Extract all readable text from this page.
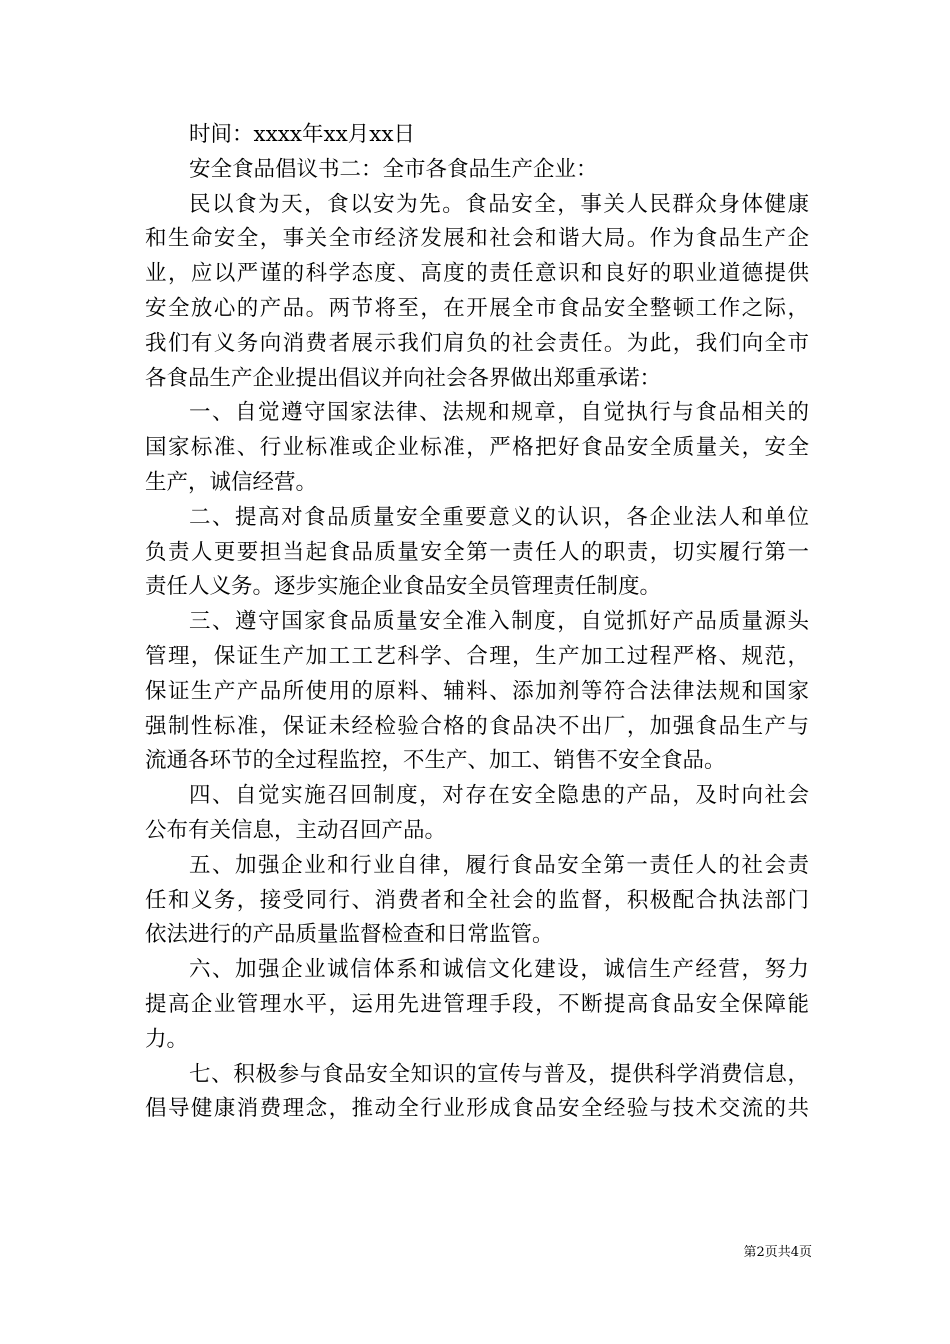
时间：xxxx年xx月xx日
安全食品倡议书二：全市各食品生产企业：
民以食为天，食以安为先。食品安全，事关人民群众身体健康
和生命安全，事关全市经济发展和社会和谐大局。作为食品生产企
业，应以严谨的科学态度、高度的责任意识和良好的职业道德提供
安全放心的产品。两节将至，在开展全市食品安全整顿工作之际，
我们有义务向消费者展示我们肩负的社会责任。为此，我们向全市
各食品生产企业提出倡议并向社会各界做出郑重承诺：
一、自觉遵守国家法律、法规和规章，自觉执行与食品相关的
国家标准、行业标准或企业标准，严格把好食品安全质量关，安全
生产，诚信经营。
二、提高对食品质量安全重要意义的认识，各企业法人和单位
负责人更要担当起食品质量安全第一责任人的职责，切实履行第一
责任人义务。逐步实施企业食品安全员管理责任制度。
三、遵守国家食品质量安全准入制度，自觉抓好产品质量源头
管理，保证生产加工工艺科学、合理，生产加工过程严格、规范，
保证生产产品所使用的原料、辅料、添加剂等符合法律法规和国家
强制性标准，保证未经检验合格的食品决不出厂，加强食品生产与
流通各环节的全过程监控，不生产、加工、销售不安全食品。
四、自觉实施召回制度，对存在安全隐患的产品，及时向社会
公布有关信息，主动召回产品。
五、加强企业和行业自律，履行食品安全第一责任人的社会责
任和义务，接受同行、消费者和全社会的监督，积极配合执法部门
依法进行的产品质量监督检查和日常监管。
六、加强企业诚信体系和诚信文化建设，诚信生产经营，努力
提高企业管理水平，运用先进管理手段，不断提高食品安全保障能
力。
七、积极参与食品安全知识的宣传与普及，提供科学消费信息，
倡导健康消费理念，推动全行业形成食品安全经验与技术交流的共
第2页共4页
